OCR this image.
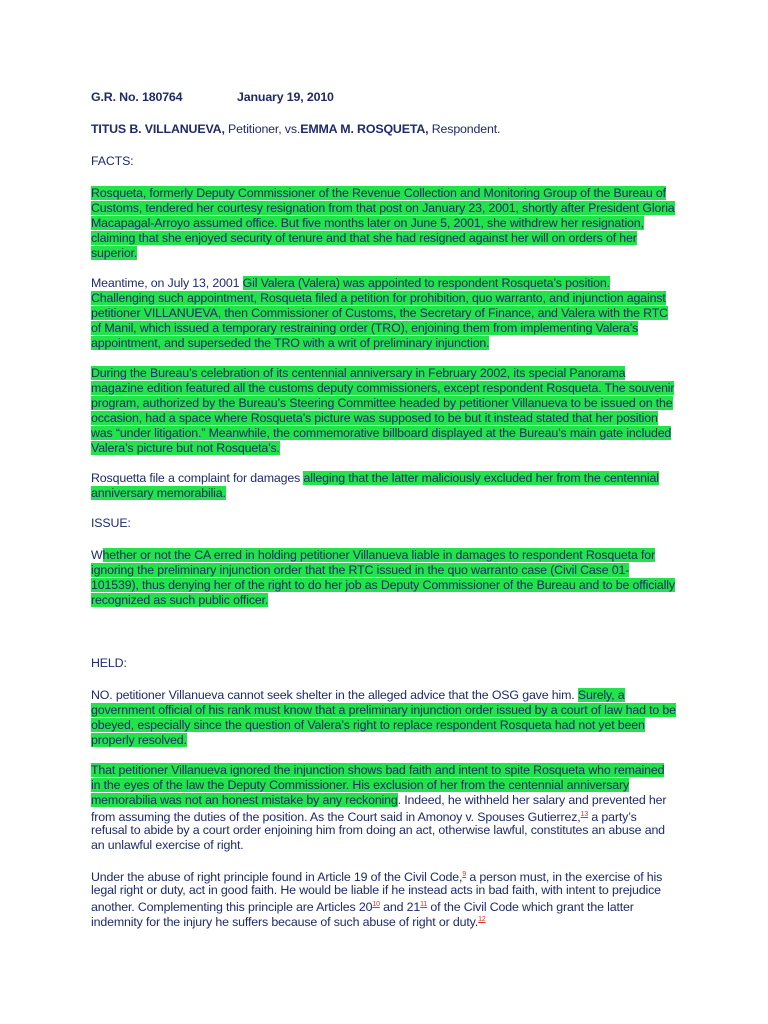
G.R. No. 180764	January 19, 2010
TITUS B. VILLANUEVA, Petitioner, vs.EMMA M. ROSQUETA, Respondent.
FACTS:
Rosqueta, formerly Deputy Commissioner of the Revenue Collection and Monitoring Group of the Bureau of
Customs, tendered her courtesy resignation from that post on January 23, 2001, shortly after President Gloria
Macapagal-Arroyo assumed office. But five months later on June 5, 2001, she withdrew her resignation,
claiming that she enjoyed security of tenure and that she had resigned against her will on orders of her
superior.
Meantime, on July 13, 2001 Gil Valera (Valera) was appointed to respondent Rosqueta’s position.
Challenging such appointment, Rosqueta filed a petition for prohibition, quo warranto, and injunction against
petitioner VILLANUEVA, then Commissioner of Customs, the Secretary of Finance, and Valera with the RTC
of Manil, which issued a temporary restraining order (TRO), enjoining them from implementing Valera’s
appointment, and superseded the TRO with a writ of preliminary injunction.
During the Bureau’s celebration of its centennial anniversary in February 2002, its special Panorama
magazine edition featured all the customs deputy commissioners, except respondent Rosqueta. The souvenir
program, authorized by the Bureau’s Steering Committee headed by petitioner Villanueva to be issued on the
occasion, had a space where Rosqueta’s picture was supposed to be but it instead stated that her position
was “under litigation.” Meanwhile, the commemorative billboard displayed at the Bureau’s main gate included
Valera’s picture but not Rosqueta’s.
Rosquetta file a complaint for damages alleging that the latter maliciously excluded her from the centennial
anniversary memorabilia.
ISSUE:
Whether or not the CA erred in holding petitioner Villanueva liable in damages to respondent Rosqueta for
ignoring the preliminary injunction order that the RTC issued in the quo warranto case (Civil Case 01-
101539), thus denying her of the right to do her job as Deputy Commissioner of the Bureau and to be officially
recognized as such public officer.
HELD:
NO. petitioner Villanueva cannot seek shelter in the alleged advice that the OSG gave him. Surely, a
government official of his rank must know that a preliminary injunction order issued by a court of law had to be
obeyed, especially since the question of Valera’s right to replace respondent Rosqueta had not yet been
properly resolved.
That petitioner Villanueva ignored the injunction shows bad faith and intent to spite Rosqueta who remained
in the eyes of the law the Deputy Commissioner. His exclusion of her from the centennial anniversary
memorabilia was not an honest mistake by any reckoning. Indeed, he withheld her salary and prevented her
from assuming the duties of the position. As the Court said in Amonoy v. Spouses Gutierrez,$^{13}$ a party’s
refusal to abide by a court order enjoining him from doing an act, otherwise lawful, constitutes an abuse and
an unlawful exercise of right.
Under the abuse of right principle found in Article 19 of the Civil Code,$^9$ a person must, in the exercise of his
legal right or duty, act in good faith. He would be liable if he instead acts in bad faith, with intent to prejudice
another. Complementing this principle are Articles 20$^{10}$ and 21$^{11}$ of the Civil Code which grant the latter
indemnity for the injury he suffers because of such abuse of right or duty.$^{12}$
